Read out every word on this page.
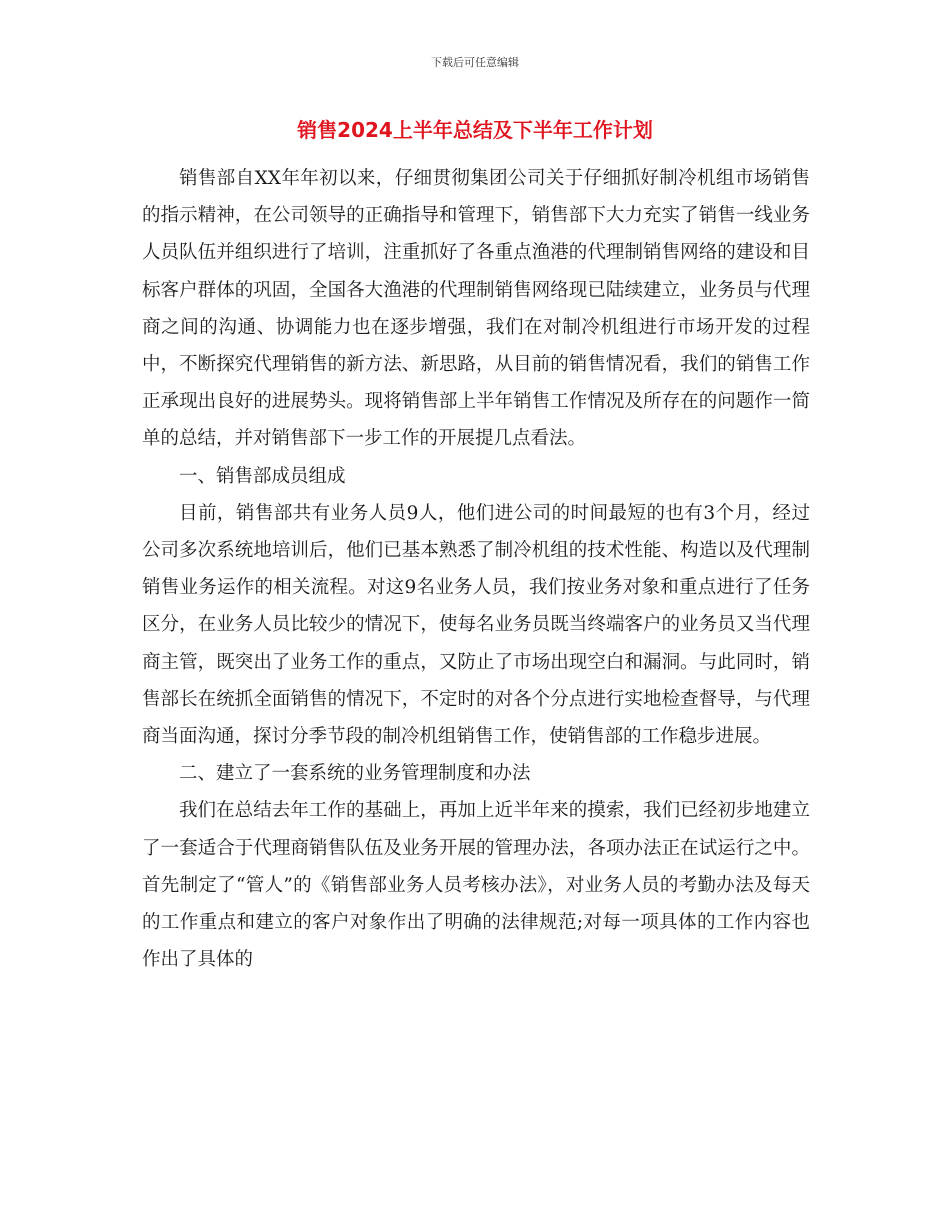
下载后可任意编辑
销售2024上半年总结及下半年工作计划

销售部自XX年年初以来，仔细贯彻集团公司关于仔细抓好制冷机组市场销售的指示精神，在公司领导的正确指导和管理下，销售部下大力充实了销售一线业务人员队伍并组织进行了培训，注重抓好了各重点渔港的代理制销售网络的建设和目标客户群体的巩固，全国各大渔港的代理制销售网络现已陆续建立，业务员与代理商之间的沟通、协调能力也在逐步增强，我们在对制冷机组进行市场开发的过程中，不断探究代理销售的新方法、新思路，从目前的销售情况看，我们的销售工作正承现出良好的进展势头。现将销售部上半年销售工作情况及所存在的问题作一简单的总结，并对销售部下一步工作的开展提几点看法。

一、销售部成员组成

目前，销售部共有业务人员9人，他们进公司的时间最短的也有3个月，经过公司多次系统地培训后，他们已基本熟悉了制冷机组的技术性能、构造以及代理制销售业务运作的相关流程。对这9名业务人员，我们按业务对象和重点进行了任务区分，在业务人员比较少的情况下，使每名业务员既当终端客户的业务员又当代理商主管，既突出了业务工作的重点，又防止了市场出现空白和漏洞。与此同时，销售部长在统抓全面销售的情况下，不定时的对各个分点进行实地检查督导，与代理商当面沟通，探讨分季节段的制冷机组销售工作，使销售部的工作稳步进展。

二、建立了一套系统的业务管理制度和办法

我们在总结去年工作的基础上，再加上近半年来的摸索，我们已经初步地建立了一套适合于代理商销售队伍及业务开展的管理办法，各项办法正在试运行之中。首先制定了“管人”的《销售部业务人员考核办法》，对业务人员的考勤办法及每天的工作重点和建立的客户对象作出了明确的法律规范;对每一项具体的工作内容也作出了具体的
